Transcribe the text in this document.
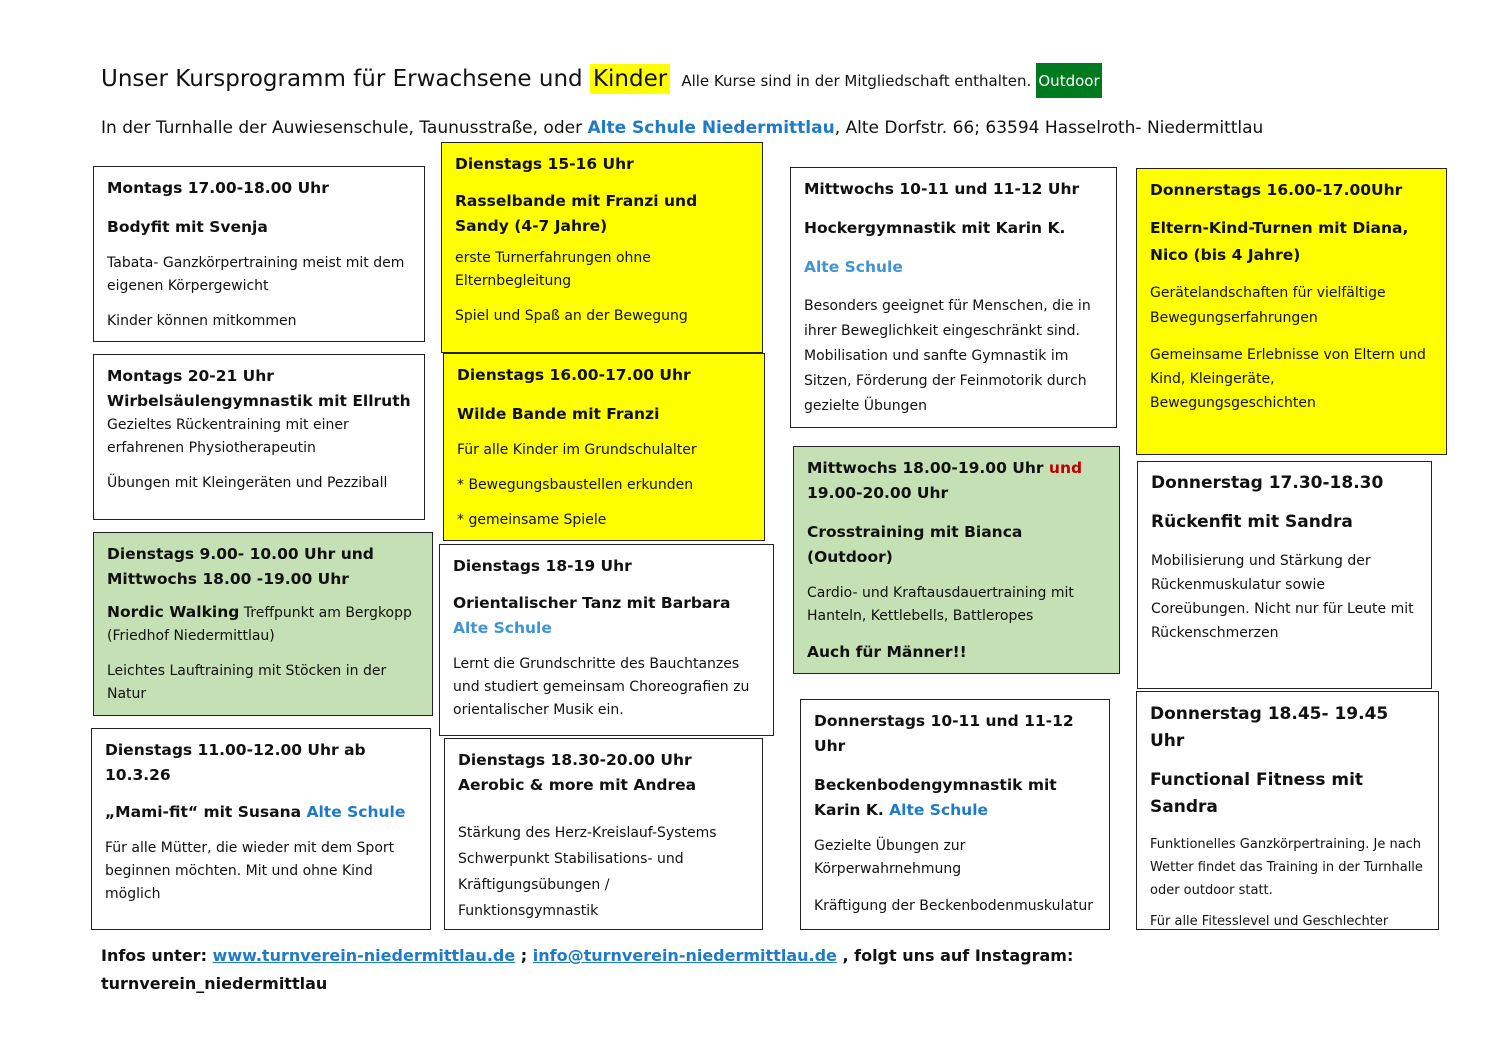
Unser Kursprogramm für Erwachsene und Kinder Alle Kurse sind in der Mitgliedschaft enthalten. Outdoor
In der Turnhalle der Auwiesenschule, Taunusstraße, oder Alte Schule Niedermittlau, Alte Dorfstr. 66; 63594 Hasselroth- Niedermittlau

Montags 17.00-18.00 Uhr

Bodyfit mit Svenja

Tabata- Ganzkörpertraining meist mit dem eigenen Körpergewicht

Kinder können mitkommen

Montags 20-21 Uhr

Wirbelsäulengymnastik mit Ellruth

Gezieltes Rückentraining mit einer erfahrenen Physiotherapeutin

Übungen mit Kleingeräten und Pezziball

Dienstags 9.00- 10.00 Uhr und Mittwochs 18.00 -19.00 Uhr

Nordic Walking Treffpunkt am Bergkopp (Friedhof Niedermittlau)

Leichtes Lauftraining mit Stöcken in der Natur

Dienstags 11.00-12.00 Uhr ab 10.3.26

„Mami-fit“ mit Susana Alte Schule

Für alle Mütter, die wieder mit dem Sport beginnen möchten. Mit und ohne Kind möglich

Dienstags 15-16 Uhr

Rasselbande mit Franzi und Sandy (4-7 Jahre)

erste Turnerfahrungen ohne Elternbegleitung

Spiel und Spaß an der Bewegung

Dienstags 16.00-17.00 Uhr

Wilde Bande mit Franzi

Für alle Kinder im Grundschulalter

* Bewegungsbaustellen erkunden

* gemeinsame Spiele

Dienstags 18-19 Uhr

Orientalischer Tanz mit Barbara

Alte Schule

Lernt die Grundschritte des Bauchtanzes und studiert gemeinsam Choreografien zu orientalischer Musik ein.

Dienstags 18.30-20.00 Uhr

Aerobic & more mit Andrea

Stärkung des Herz-Kreislauf-Systems Schwerpunkt Stabilisations- und Kräftigungsübungen / Funktionsgymnastik

Mittwochs 10-11 und 11-12 Uhr

Hockergymnastik mit Karin K.

Alte Schule

Besonders geeignet für Menschen, die in ihrer Beweglichkeit eingeschränkt sind. Mobilisation und sanfte Gymnastik im Sitzen, Förderung der Feinmotorik durch gezielte Übungen

Mittwochs 18.00-19.00 Uhr und

19.00-20.00 Uhr

Crosstraining mit Bianca (Outdoor)

Cardio- und Kraftausdauertraining mit Hanteln, Kettlebells, Battleropes

Auch für Männer!!

Donnerstags 10-11 und 11-12 Uhr

Beckenbodengymnastik mit Karin K. Alte Schule

Gezielte Übungen zur Körperwahrnehmung

Kräftigung der Beckenbodenmuskulatur

Donnerstags 16.00-17.00Uhr

Eltern-Kind-Turnen mit Diana, Nico (bis 4 Jahre)

Gerätelandschaften für vielfältige Bewegungserfahrungen

Gemeinsame Erlebnisse von Eltern und Kind, Kleingeräte, Bewegungsgeschichten

Donnerstag 17.30-18.30

Rückenfit mit Sandra

Mobilisierung und Stärkung der Rückenmuskulatur sowie Coreübungen. Nicht nur für Leute mit Rückenschmerzen

Donnerstag 18.45- 19.45 Uhr

Functional Fitness mit Sandra

Funktionelles Ganzkörpertraining. Je nach Wetter findet das Training in der Turnhalle oder outdoor statt.

Für alle Fitesslevel und Geschlechter

Infos unter: www.turnverein-niedermittlau.de ; info@turnverein-niedermittlau.de , folgt uns auf Instagram:
turnverein_niedermittlau
